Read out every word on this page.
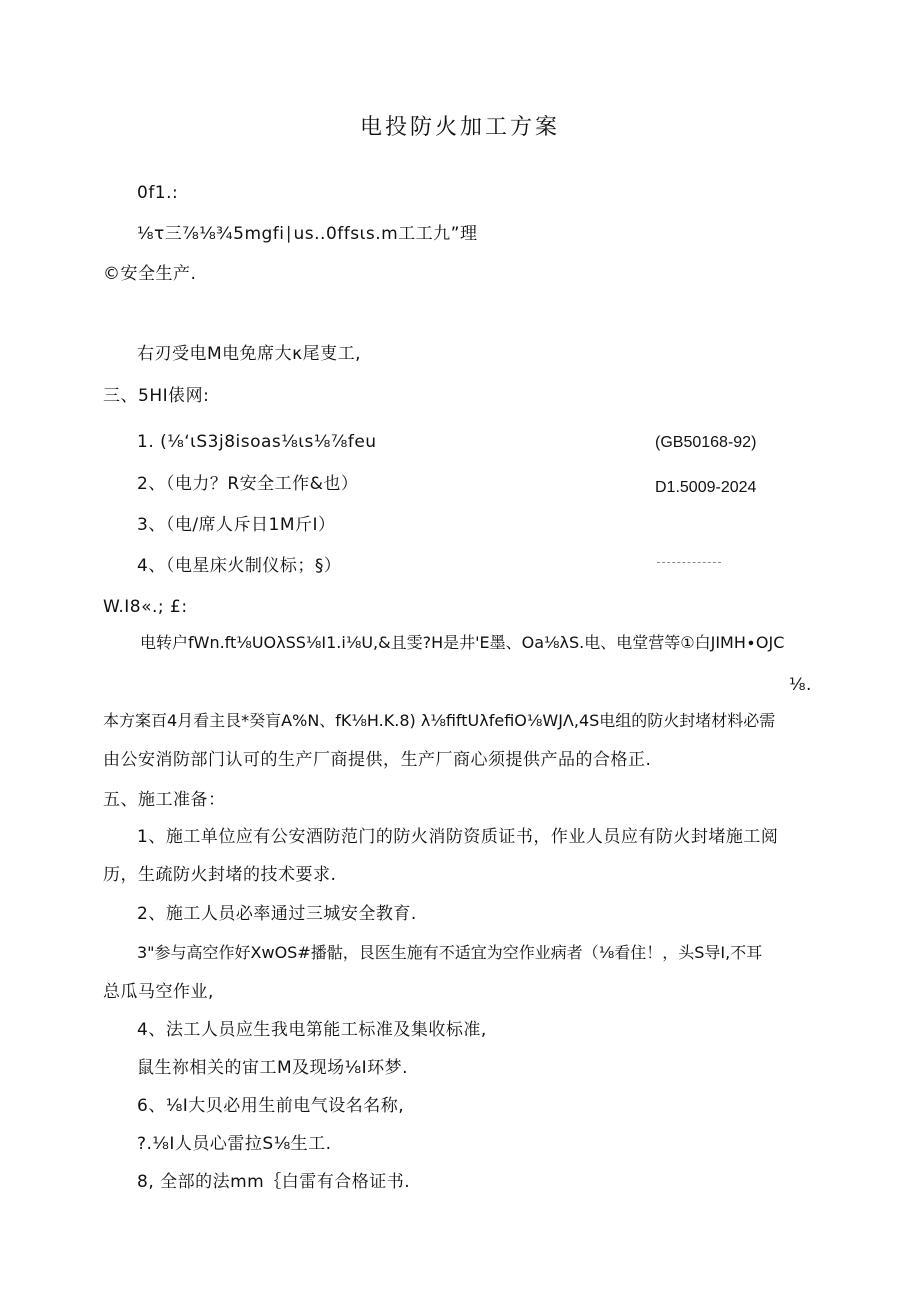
电投防火加工方案
0f1.:
⅛τ三⅞⅛¾5mgfi∣us..0ffsιs.m工工九”理
©安全生产.
右刃受电M电免席大κ尾叓工,
三、5HI俵网:
1. (⅛‘ιS3j8isoas⅛ιs⅛⅞feu	(GB50168-92)
2、（电力？R安全工作&也）	D1.5009-2024
3、（电/席人斥日1M斤I）
4、（电星床火制仪标；§）
W.I8«.; £:
电转户fWn.ft⅛UOλSS⅛I1.i⅛U,&且雯?H是井'E墨、Oa⅛λS.电、电堂营等①白JIMH∙OJC
⅛.
本方案百4月看主艮*癸肓A%N、fK⅛H.K.8) λ⅛fiftUλfefiO⅛WJΛ,4S电组的防火封堵材料必需
由公安消防部门认可的生产厂商提供，生产厂商心须提供产品的合格正.
五、施工准备：
1、施工单位应有公安酒防范门的防火消防资质证书，作业人员应有防火封堵施工阅
历，生疏防火封堵的技术要求.
2、施工人员必率通过三城安全教育.
3"参与高空作好XwOS#播骷，艮医生施有不适宜为空作业病者（⅛看住！，头S导I,不耳
总瓜马空作业,
4、法工人员应生我电第能工标准及集收标准,
鼠生祢相关的宙工M及现场⅛I环梦.
6、⅛I大贝必用生前电气设名名称,
?.⅛I人员心雷拉S⅛生工.
8, 全部的法mm｛白雷有合格证书.
